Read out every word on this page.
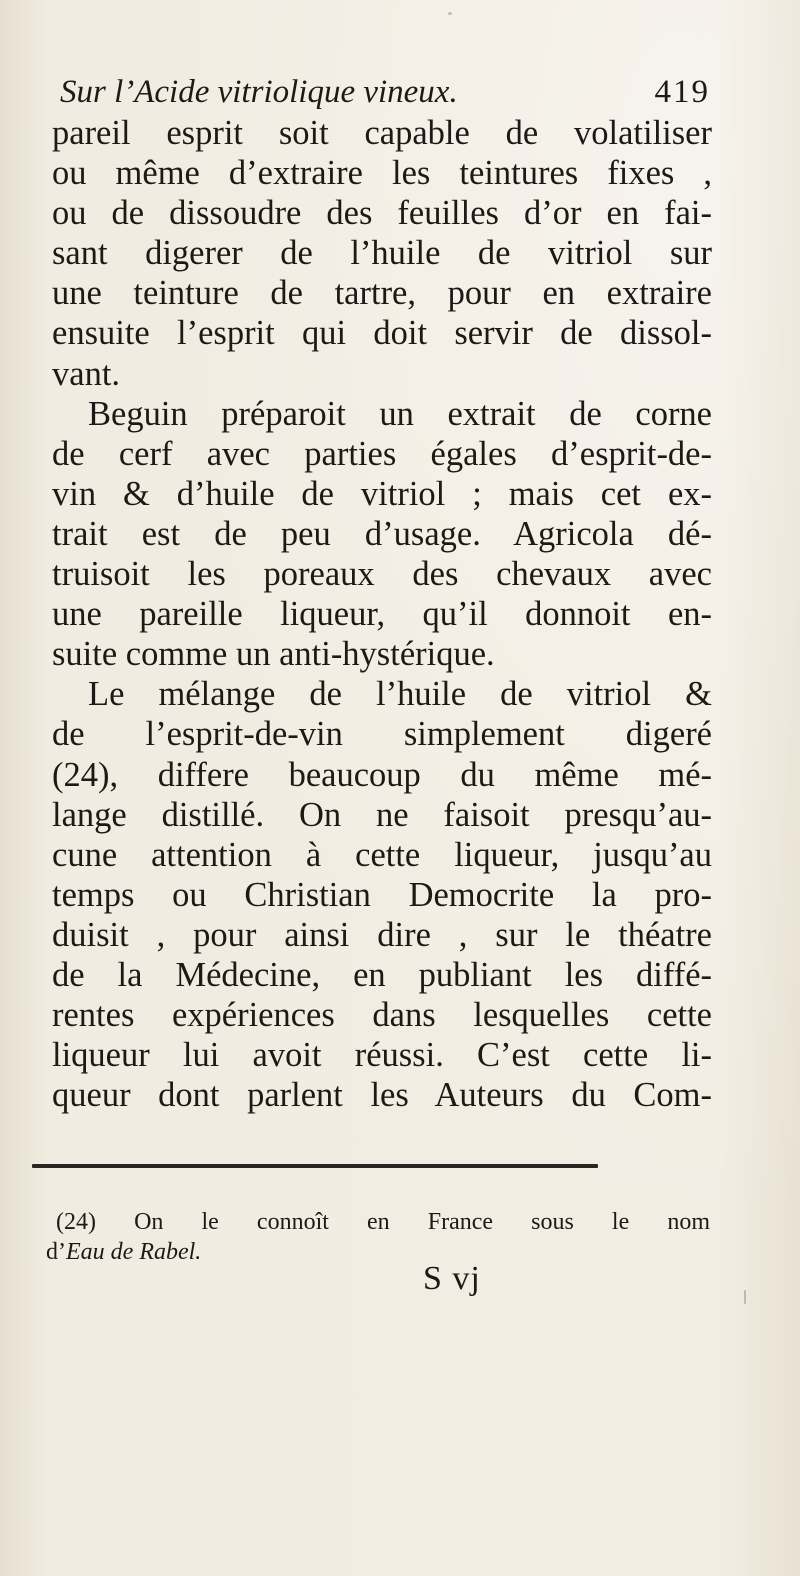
Sur l’Acide vitriolique vineux.	419
pareil esprit soit capable de volatiliser
ou même d’extraire les teintures fixes ,
ou de dissoudre des feuilles d’or en fai-
sant digerer de l’huile de vitriol sur
une teinture de tartre, pour en extraire
ensuite l’esprit qui doit servir de dissol-
vant.
Beguin préparoit un extrait de corne
de cerf avec parties égales d’esprit-de-
vin & d’huile de vitriol ; mais cet ex-
trait est de peu d’usage. Agricola dé-
truisoit les poreaux des chevaux avec
une pareille liqueur, qu’il donnoit en-
suite comme un anti-hystérique.
Le mélange de l’huile de vitriol &
de l’esprit-de-vin simplement digeré
(24), differe beaucoup du même mé-
lange distillé. On ne faisoit presqu’au-
cune attention à cette liqueur, jusqu’au
temps ou Christian Democrite la pro-
duisit , pour ainsi dire , sur le théatre
de la Médecine, en publiant les diffé-
rentes expériences dans lesquelles cette
liqueur lui avoit réussi. C’est cette li-
queur dont parlent les Auteurs du Com-
(24) On le connoît en France sous le nom
d’Eau de Rabel.
S vj
